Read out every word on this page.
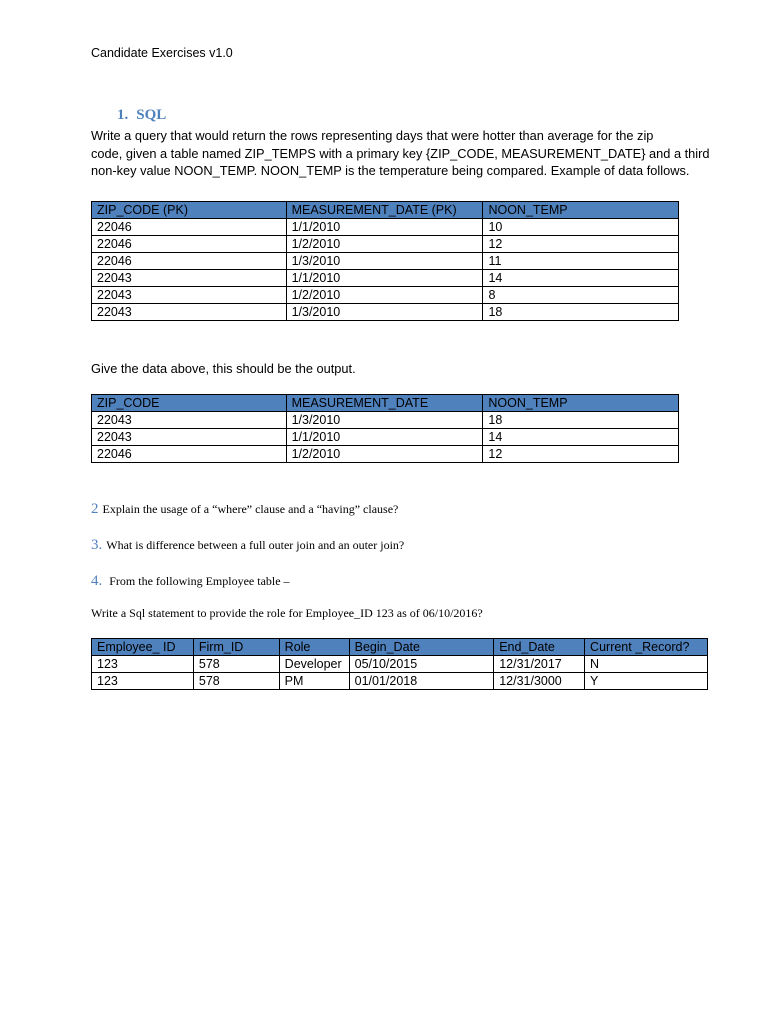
Candidate Exercises v1.0
1. SQL
Write a query that would return the rows representing days that were hotter than average for the zip
code, given a table named ZIP_TEMPS with a primary key {ZIP_CODE, MEASUREMENT_DATE} and a third
non-key value NOON_TEMP. NOON_TEMP is the temperature being compared. Example of data follows.
ZIP_CODE (PK)	MEASUREMENT_DATE (PK)	NOON_TEMP
22046	1/1/2010	10
22046	1/2/2010	12
22046	1/3/2010	11
22043	1/1/2010	14
22043	1/2/2010	8
22043	1/3/2010	18
Give the data above, this should be the output.
ZIP_CODE	MEASUREMENT_DATE	NOON_TEMP
22043	1/3/2010	18
22043	1/1/2010	14
22046	1/2/2010	12
2 Explain the usage of a “where” clause and a “having” clause?
3. What is difference between a full outer join and an outer join?
4. From the following Employee table –
Write a Sql statement to provide the role for Employee_ID 123 as of 06/10/2016?
Employee_ ID	Firm_ID	Role	Begin_Date	End_Date	Current _Record?
123	578	Developer	05/10/2015	12/31/2017	N
123	578	PM	01/01/2018	12/31/3000	Y
